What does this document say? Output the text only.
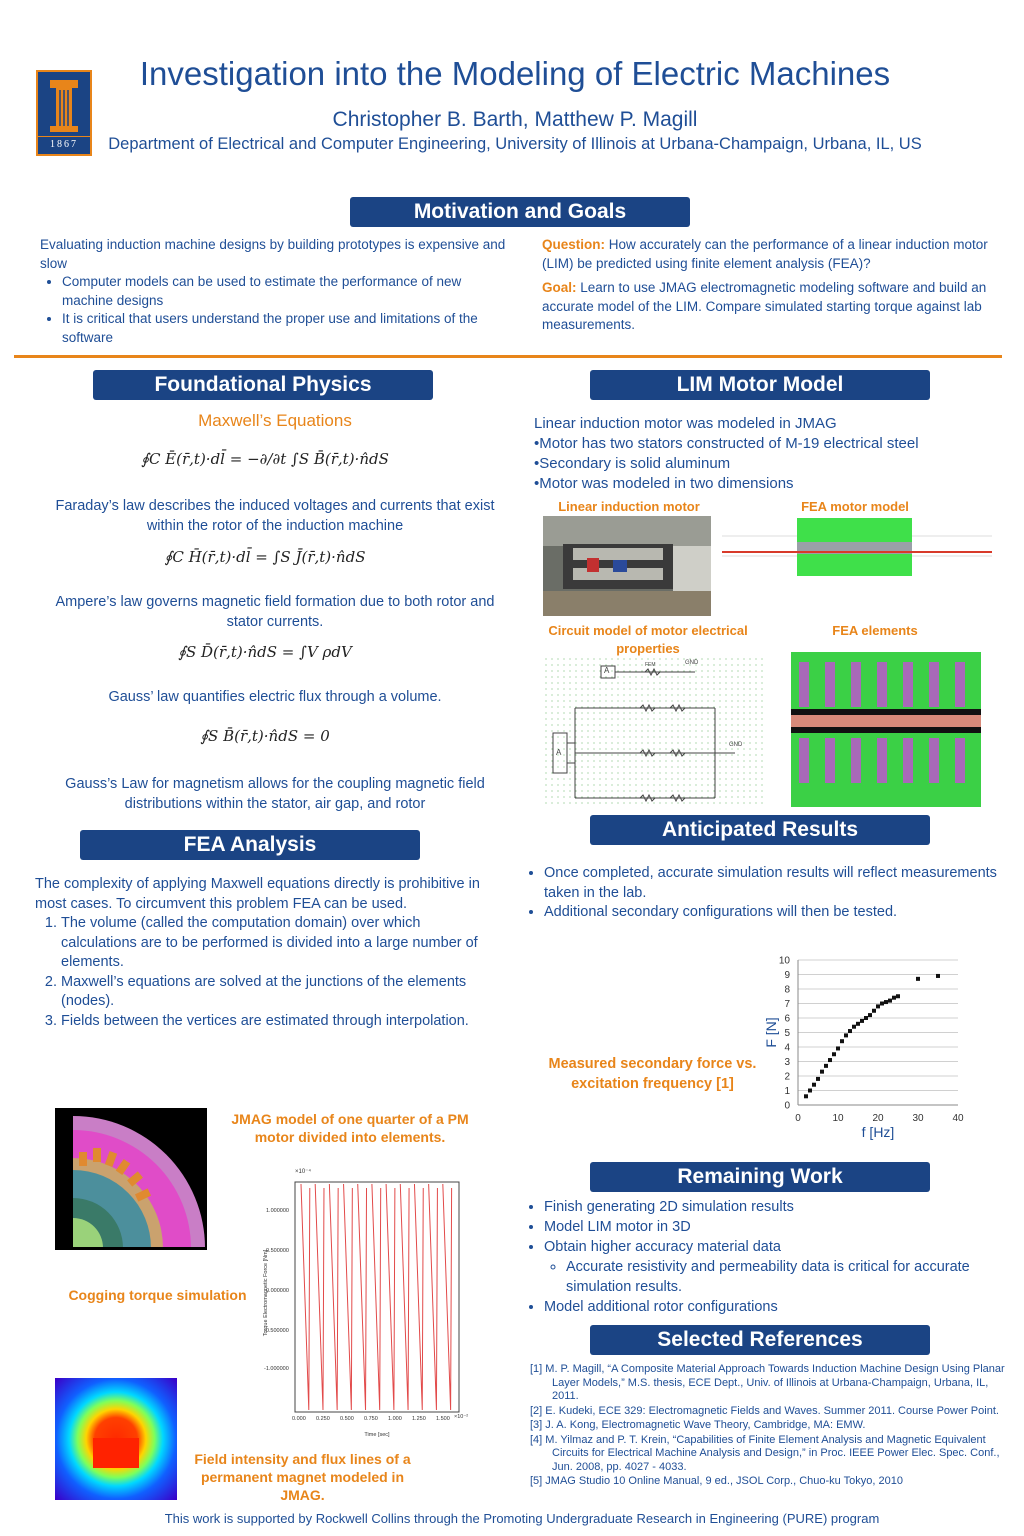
1867
Investigation into the Modeling of Electric Machines
Christopher B. Barth, Matthew P. Magill
Department of Electrical and Computer Engineering, University of Illinois at Urbana-Champaign, Urbana, IL, US
Motivation and Goals
Evaluating induction machine designs by building prototypes is expensive and slow
• Computer models can be used to estimate the performance of new machine designs
• It is critical that users understand the proper use and limitations of the software
Question: How accurately can the performance of a linear induction motor (LIM) be predicted using finite element analysis (FEA)?
Goal: Learn to use JMAG electromagnetic modeling software and build an accurate model of the LIM. Compare simulated starting torque against lab measurements.
Foundational Physics
Maxwell’s Equations
∮C Ē(r̄,t)·dl̄ = −∂/∂t ∫S B̄(r̄,t)·n̂dS
Faraday’s law describes the induced voltages and currents that exist within the rotor of the induction machine
∮C H̄(r̄,t)·dl̄ = ∫S J̄(r̄,t)·n̂dS
Ampere’s law governs magnetic field formation due to both rotor and stator currents.
∮S D̄(r̄,t)·n̂dS = ∫V ρdV
Gauss’ law quantifies electric flux through a volume.
∮S B̄(r̄,t)·n̂dS = 0
Gauss’s Law for magnetism allows for the coupling magnetic field distributions within the stator, air gap, and rotor
FEA Analysis
The complexity of applying Maxwell equations directly is prohibitive in most cases. To circumvent this problem FEA can be used.
1. The volume (called the computation domain) over which calculations are to be performed is divided into a large number of elements.
2. Maxwell’s equations are solved at the junctions of the elements (nodes).
3. Fields between the vertices are estimated through interpolation.
JMAG model of one quarter of a PM motor divided into elements.
Cogging torque simulation
×10⁻⁴
Torque Electromagnetic Force [Nm]
Time [sec]
×10⁻²
1.000000
0.500000
0.000000
-0.500000
-1.000000
0.000 0.250 0.500 0.750 1.000 1.250 1.500
Field intensity and flux lines of a permanent magnet modeled in JMAG.
LIM Motor Model
Linear induction motor was modeled in JMAG
•Motor has two stators constructed of M-19 electrical steel
•Secondary is solid aluminum
•Motor was modeled in two dimensions
Linear induction motor	FEA motor model
Circuit model of motor electrical properties
FEA elements
GND
GND
FEM
A
A
Anticipated Results
• Once completed, accurate simulation results will reflect measurements taken in the lab.
• Additional secondary configurations will then be tested.
Measured secondary force vs. excitation frequency [1]
0
1
2
3
4
5
6
7
8
9
10
0	10	20	30	40
f [Hz]
F [N]
Remaining Work
• Finish generating 2D simulation results
• Model LIM motor in 3D
• Obtain higher accuracy material data
◦ Accurate resistivity and permeability data is critical for accurate simulation results.
• Model additional rotor configurations
Selected References
[1] M. P. Magill, “A Composite Material Approach Towards Induction Machine Design Using Planar Layer Models,” M.S. thesis, ECE Dept., Univ. of Illinois at Urbana-Champaign, Urbana, IL, 2011.
[2] E. Kudeki, ECE 329: Electromagnetic Fields and Waves. Summer 2011. Course Power Point.
[3] J. A. Kong, Electromagnetic Wave Theory, Cambridge, MA: EMW.
[4] M. Yilmaz and P. T. Krein, “Capabilities of Finite Element Analysis and Magnetic Equivalent Circuits for Electrical Machine Analysis and Design,” in Proc. IEEE Power Elec. Spec. Conf., Jun. 2008, pp. 4027 - 4033.
[5] JMAG Studio 10 Online Manual, 9 ed., JSOL Corp., Chuo-ku Tokyo, 2010
This work is supported by Rockwell Collins through the Promoting Undergraduate Research in Engineering (PURE) program
